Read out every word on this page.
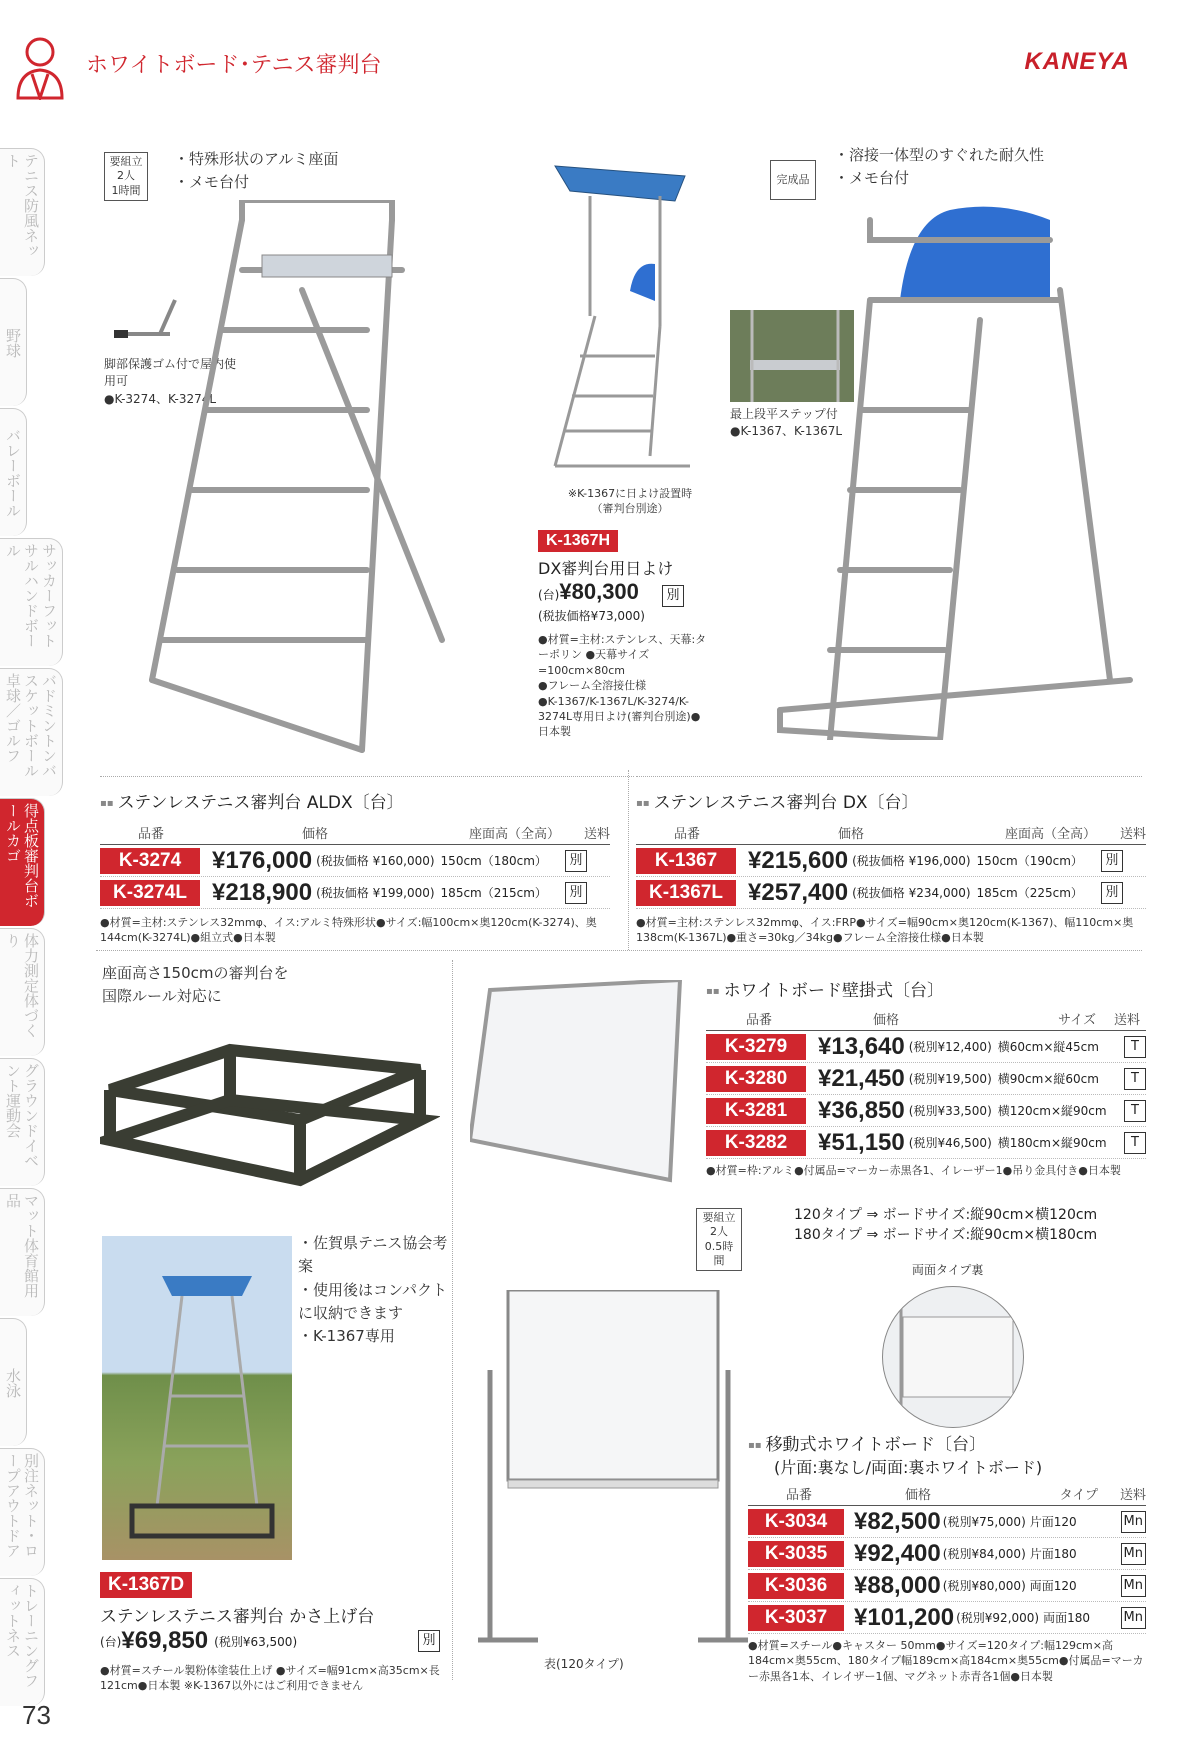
ホワイトボード･テニス審判台	KANEYA
テニス防風ネット
野球
バレーボール
サッカーフットサルハンドボール
バドミントンバスケットボール卓球／ゴルフ
得点板審判台ボールカゴ
体力測定体づくり
グラウンドイベント運動会
マット体育館用品
水泳
別注ネット・ロープアウトドア
トレーニングフィットネス
要組立
2人
1時間
・特殊形状のアルミ座面
・メモ台付
脚部保護ゴム付で屋内使用可
●K-3274、K-3274L
▪▪ ステンレステニス審判台 ALDX〔台〕
品番	価格	座面高（全高）	送料
K-3274	¥176,000 (税抜価格 ¥160,000) 150cm（180cm）	別
K-3274L	¥218,900 (税抜価格 ¥199,000) 185cm（215cm）	別
●材質=主材:ステンレス32mmφ、イス:アルミ特殊形状●サイズ:幅100cm×奥120cm(K-3274)、奥144cm(K-3274L)●組立式●日本製
※K-1367に日よけ設置時
（審判台別途）
K-1367H
DX審判台用日よけ
(台)¥80,300 別
(税抜価格¥73,000)
●材質=主材:ステンレス、天幕:ターポリン ●天幕サイズ=100cm×80cm
●フレーム全溶接仕様
●K-1367/K-1367L/K-3274/K-3274L専用日よけ(審判台別途)●日本製
完成品
・溶接一体型のすぐれた耐久性
・メモ台付
最上段平ステップ付
●K-1367、K-1367L
▪▪ ステンレステニス審判台 DX〔台〕
品番	価格	座面高（全高）	送料
K-1367	¥215,600 (税抜価格 ¥196,000) 150cm（190cm）	別
K-1367L	¥257,400 (税抜価格 ¥234,000) 185cm（225cm）	別
●材質=主材:ステンレス32mmφ、イス:FRP●サイズ=幅90cm×奥120cm(K-1367)、幅110cm×奥138cm(K-1367L)●重さ=30kg／34kg●フレーム全溶接仕様●日本製
座面高さ150cmの審判台を
国際ルール対応に
・佐賀県テニス協会考案
・使用後はコンパクトに収納できます
・K-1367専用
K-1367D
ステンレステニス審判台 かさ上げ台
(台) ¥69,850 (税別¥63,500)	別
●材質=スチール製粉体塗装仕上げ ●サイズ=幅91cm×高35cm×長121cm●日本製 ※K-1367以外にはご利用できません
▪▪ ホワイトボード壁掛式〔台〕
品番	価格	サイズ	送料
K-3279	¥13,640 (税別¥12,400) 横60cm×縦45cm	T
K-3280	¥21,450 (税別¥19,500) 横90cm×縦60cm	T
K-3281	¥36,850 (税別¥33,500) 横120cm×縦90cm	T
K-3282	¥51,150 (税別¥46,500) 横180cm×縦90cm	T
●材質=枠:アルミ●付属品=マーカー赤黒各1、イレーザー1●吊り金具付き●日本製
要組立
2人
0.5時間
120タイプ ⇒ ボードサイズ:縦90cm×横120cm
180タイプ ⇒ ボードサイズ:縦90cm×横180cm
両面タイプ裏
表(120タイプ)
▪▪ 移動式ホワイトボード〔台〕
(片面:裏なし/両面:裏ホワイトボード)
品番	価格	タイプ	送料
K-3034	¥82,500 (税別¥75,000) 片面120	Mn
K-3035	¥92,400 (税別¥84,000) 片面180	Mn
K-3036	¥88,000 (税別¥80,000) 両面120	Mn
K-3037	¥101,200 (税別¥92,000) 両面180	Mn
●材質=スチール●キャスター 50mm●サイズ=120タイプ:幅129cm×高184cm×奥55cm、180タイプ幅189cm×高184cm×奥55cm●付属品=マーカー赤黒各1本、イレイザー1個、マグネット赤青各1個●日本製
73
